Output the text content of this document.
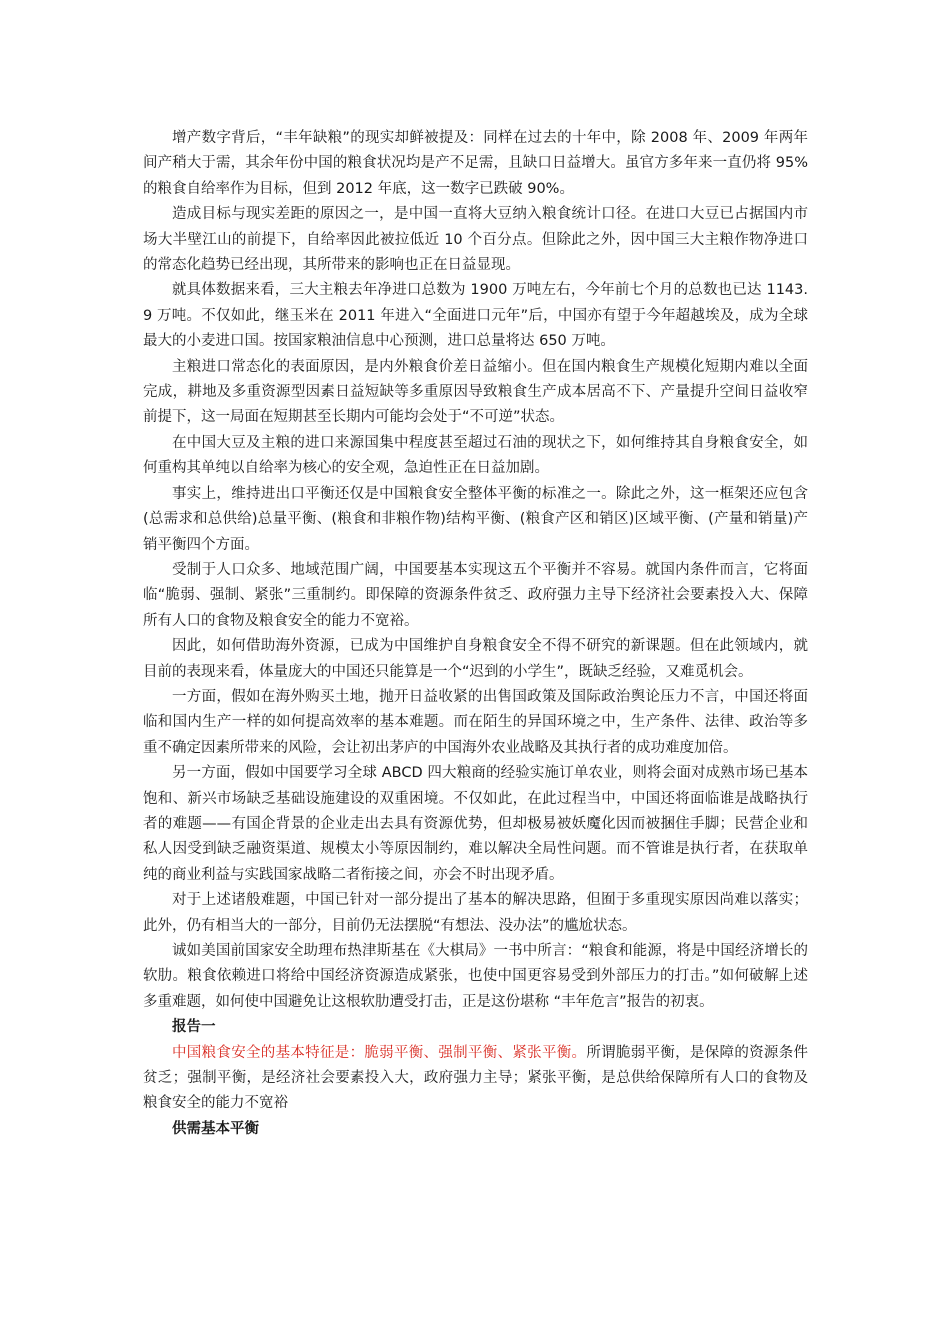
增产数字背后，“丰年缺粮”的现实却鲜被提及：同样在过去的十年中，除 2008 年、2009 年两年间产稍大于需，其余年份中国的粮食状况均是产不足需，且缺口日益增大。虽官方多年来一直仍将 95%的粮食自给率作为目标，但到 2012 年底，这一数字已跌破 90%。

造成目标与现实差距的原因之一，是中国一直将大豆纳入粮食统计口径。在进口大豆已占据国内市场大半壁江山的前提下，自给率因此被拉低近 10 个百分点。但除此之外，因中国三大主粮作物净进口的常态化趋势已经出现，其所带来的影响也正在日益显现。

就具体数据来看，三大主粮去年净进口总数为 1900 万吨左右，今年前七个月的总数也已达 1143.9 万吨。不仅如此，继玉米在 2011 年进入“全面进口元年”后，中国亦有望于今年超越埃及，成为全球最大的小麦进口国。按国家粮油信息中心预测，进口总量将达 650 万吨。

主粮进口常态化的表面原因，是内外粮食价差日益缩小。但在国内粮食生产规模化短期内难以全面完成，耕地及多重资源型因素日益短缺等多重原因导致粮食生产成本居高不下、产量提升空间日益收窄前提下，这一局面在短期甚至长期内可能均会处于“不可逆”状态。

在中国大豆及主粮的进口来源国集中程度甚至超过石油的现状之下，如何维持其自身粮食安全，如何重构其单纯以自给率为核心的安全观，急迫性正在日益加剧。

事实上，维持进出口平衡还仅是中国粮食安全整体平衡的标准之一。除此之外，这一框架还应包含(总需求和总供给)总量平衡、(粮食和非粮作物)结构平衡、(粮食产区和销区)区域平衡、(产量和销量)产销平衡四个方面。

受制于人口众多、地域范围广阔，中国要基本实现这五个平衡并不容易。就国内条件而言，它将面临“脆弱、强制、紧张”三重制约。即保障的资源条件贫乏、政府强力主导下经济社会要素投入大、保障所有人口的食物及粮食安全的能力不宽裕。

因此，如何借助海外资源，已成为中国维护自身粮食安全不得不研究的新课题。但在此领域内，就目前的表现来看，体量庞大的中国还只能算是一个“迟到的小学生”，既缺乏经验，又难觅机会。

一方面，假如在海外购买土地，抛开日益收紧的出售国政策及国际政治舆论压力不言，中国还将面临和国内生产一样的如何提高效率的基本难题。而在陌生的异国环境之中，生产条件、法律、政治等多重不确定因素所带来的风险，会让初出茅庐的中国海外农业战略及其执行者的成功难度加倍。

另一方面，假如中国要学习全球 ABCD 四大粮商的经验实施订单农业，则将会面对成熟市场已基本饱和、新兴市场缺乏基础设施建设的双重困境。不仅如此，在此过程当中，中国还将面临谁是战略执行者的难题——有国企背景的企业走出去具有资源优势，但却极易被妖魔化因而被捆住手脚；民营企业和私人因受到缺乏融资渠道、规模太小等原因制约，难以解决全局性问题。而不管谁是执行者，在获取单纯的商业利益与实践国家战略二者衔接之间，亦会不时出现矛盾。

对于上述诸般难题，中国已针对一部分提出了基本的解决思路，但囿于多重现实原因尚难以落实；此外，仍有相当大的一部分，目前仍无法摆脱“有想法、没办法”的尴尬状态。

诚如美国前国家安全助理布热津斯基在《大棋局》一书中所言：“粮食和能源，将是中国经济增长的软肋。粮食依赖进口将给中国经济资源造成紧张，也使中国更容易受到外部压力的打击。”如何破解上述多重难题，如何使中国避免让这根软肋遭受打击，正是这份堪称 “丰年危言”报告的初衷。

报告一

中国粮食安全的基本特征是：脆弱平衡、强制平衡、紧张平衡。所谓脆弱平衡，是保障的资源条件贫乏；强制平衡，是经济社会要素投入大，政府强力主导；紧张平衡，是总供给保障所有人口的食物及粮食安全的能力不宽裕

供需基本平衡
